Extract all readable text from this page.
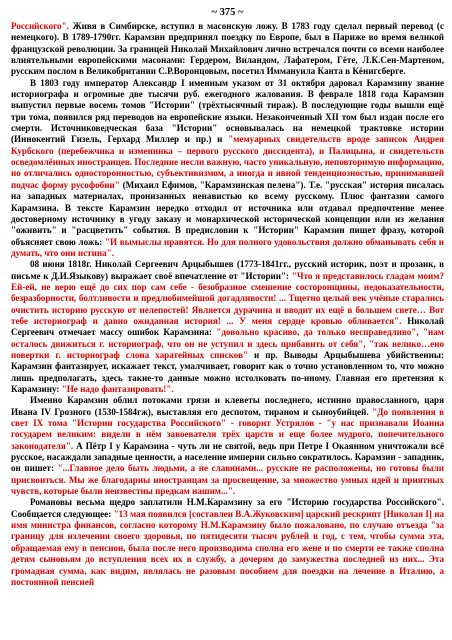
~ 375 ~

Российского". Живя в Симбирске, вступил в масонскую ложу. В 1783 году сделал первый перевод (с немецкого). В 1789-1790гг. Карамзин предпринял поездку по Европе, был в Париже во время великой французской революции. За границей Николай Михайлович лично встречался почти со всеми наиболее влиятельными европейскими масонами: Гердером, Виландом, Лафатером, Гёте, Л.К.Сен-Мартеном, русским послом в Великобритании С.Р.Воронцовым, посетил Иммануила Канта в Кёнигсберге.

В 1803 году император Александр I именным указом от 31 октября даровал Карамзину звание историографа и огромные две тысячи руб. ежегодного жалования. В феврале 1818 года Карамзин выпустил первые восемь томов "Истории" (трёхтысячный тираж). В последующие годы вышли ещё три тома, появился ряд переводов на европейские языки. Незаконченный XII том был издан после его смерти. Источниковедческая база "Истории" основывалась на немецкой трактовке истории (Иннокентий Гизель, Герхард Миллер и пр.) и "мемуарных свидетельств вроде записок Андрея Курбского (перебежчика и изменника – первого русского диссидента), и Палицына, и свидетельств осведомлённых иностранцев. Последние несли важную, часто уникальную, неповторимую информацию, но отличались односторонностью, субъективизмом, а иногда и явной тенденциозностью, принимавшей подчас форму русофобии" (Михаил Ефимов, "Карамзинская пелена"). Т.е. "русская" история писалась на западных материалах, пронизанных ненавистью ко всему русскому. Плюс фантазии самого Карамзина. В тексте Карамзин нередко отходил от источника или отдавал предпочтение менее достоверному источнику в угоду заказу и монархической исторической концепции или из желания "оживить" и "расцветить" события. В предисловии к "Истории" Карамзин пишет фразу, которой объясняет свою ложь: "И вымыслы нравятся. Но для полного удовольствия должно обманывать себя и думать, что они истина".

08 июня 1818г. Николай Сергеевич Арцыбышев (1773-1841гг., русский историк, поэт и прозаик, в письме к Д.И.Языкову) выражает своё впечатление от "Истории": "Что я представилось гладам моим? Ей-ей, не верю ещё до сих пор сам себе - безобразное смешение состоронщины, недоказательности, безразборности, болтливости и предлюбимейшой догадливости! ... Тщетно целый век учёные старались очистить историю русскую от нелепостей! Является дурачина и вводит их ещё в большем свете… Вот тебе историограф и давно ожиданная история! ... У меня сердце кровью обливается". Николай Сергеевич отмечает массу ошибок Карамзина: "довольно красиво, да только несправедливо", "нам осталось движиться г. историограф, что он не уступил и здесь прибавить от себя", "так велико…ено повертки г. историограф слона харатейных списков" и пр. Выводы Арцыбышева убийственны: Карамзин фантазирует, искажает текст, умалчивает, говорит как о точно установленном то, что можно лишь предполагать, здесь такие-то данные можно истолковать по-иному. Главная его претензия к Карамзину: "Не надо фантазировать!".

Именно Карамзин облил потоками грязи и клеветы последнего, истинно православного, царя Ивана IV Грозного (1530-1584гж), выставляя его деспотом, тираном и сыноубийцей. "До появления в свет IX тома "Истории государства Российского" - говорит Устрялов - "у нас признавали Иоанна государем великим: видели в нём завоевателя трёх царств и еще более мудрого, попечительного законодателя". А Пётр I у Карамзина - чуть ли не святой, ведь при Петре I Окаянном уничтожали всё русское, насаждали западные ценности, а население империи сильно сократилось. Карамзин - западник, он пишет: "...Главное дело быть людьми, а не славянами... русские не расположены, но готовы были присвоиться. Мы же благодарны иностранцам за просвещение, за множество умных идей и приятных чувств, которые были неизвестны предкам нашим...".

Романовы весьма щедро заплатили Н.М.Карамзину за его "Историю государства Российского". Сообщается следующее: "13 мая появился [составлен В.А.Жуковским] царский рескрипт [Николая I] на имя министра финансов, согласно которому Н.М.Карамзину было пожаловано, по случаю отъезда "за границу для излечения своего здоровья, по пятидесяти тысяч рублей в год, с тем, чтобы сумма эта, обращаемая ему в пенсион, была после него производима сполна его жене и по смерти ее также сполна детям сыновьям до вступления всех их в службу, а дочерям до замужества последней из них... Эта громадная сумма, как видим, являлась не разовым пособием для поездки на лечение в Италию, а постоянной пенсией
